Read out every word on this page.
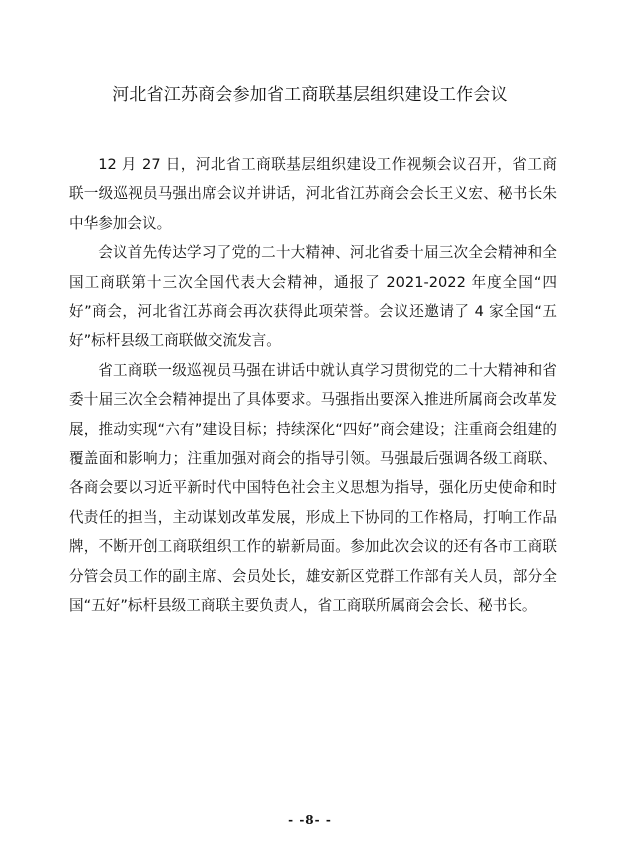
河北省江苏商会参加省工商联基层组织建设工作会议

12 月 27 日，河北省工商联基层组织建设工作视频会议召开，省工商联一级巡视员马强出席会议并讲话，河北省江苏商会会长王义宏、秘书长朱中华参加会议。

会议首先传达学习了党的二十大精神、河北省委十届三次全会精神和全国工商联第十三次全国代表大会精神，通报了 2021-2022 年度全国“四好”商会，河北省江苏商会再次获得此项荣誉。会议还邀请了 4 家全国“五好”标杆县级工商联做交流发言。

省工商联一级巡视员马强在讲话中就认真学习贯彻党的二十大精神和省委十届三次全会精神提出了具体要求。马强指出要深入推进所属商会改革发展，推动实现“六有”建设目标；持续深化“四好”商会建设；注重商会组建的覆盖面和影响力；注重加强对商会的指导引领。马强最后强调各级工商联、各商会要以习近平新时代中国特色社会主义思想为指导，强化历史使命和时代责任的担当，主动谋划改革发展，形成上下协同的工作格局，打响工作品牌，不断开创工商联组织工作的崭新局面。参加此次会议的还有各市工商联分管会员工作的副主席、会员处长，雄安新区党群工作部有关人员，部分全国“五好”标杆县级工商联主要负责人，省工商联所属商会会长、秘书长。

- -8- -
